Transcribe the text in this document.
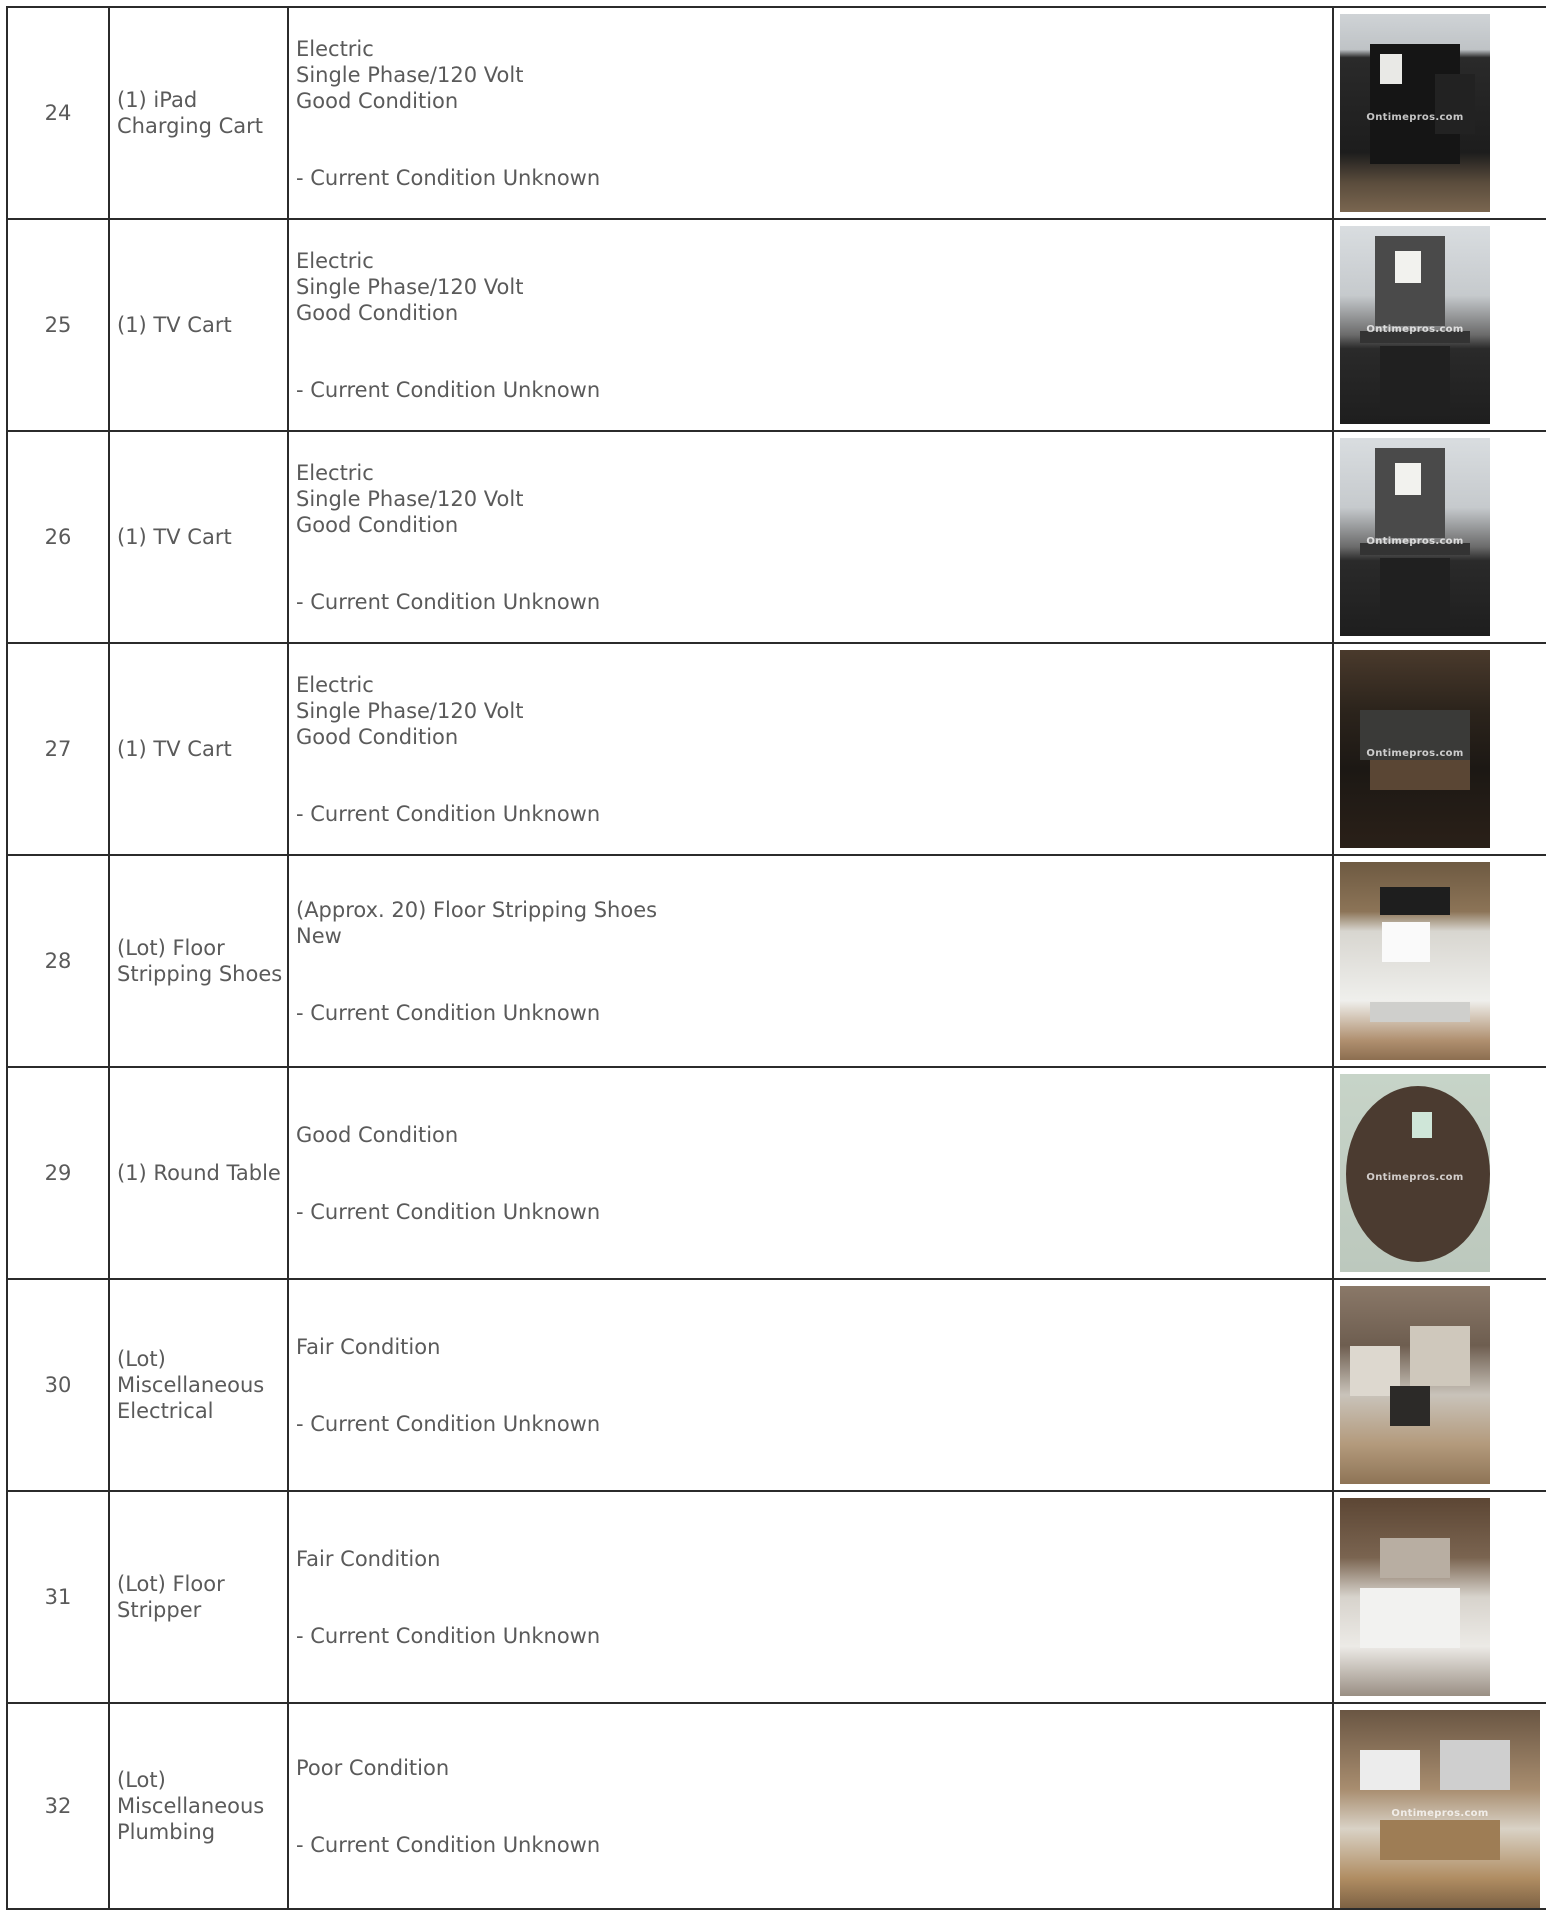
24	(1) iPad Charging Cart	Electric
Single Phase/120 Volt
Good Condition
- Current Condition Unknown	Ontimepros.com

25	(1) TV Cart	Electric
Single Phase/120 Volt
Good Condition
- Current Condition Unknown	Ontimepros.com

26	(1) TV Cart	Electric
Single Phase/120 Volt
Good Condition
- Current Condition Unknown	Ontimepros.com

27	(1) TV Cart	Electric
Single Phase/120 Volt
Good Condition
- Current Condition Unknown	Ontimepros.com

28	(Lot) Floor Stripping Shoes	(Approx. 20) Floor Stripping Shoes
New
- Current Condition Unknown	

29	(1) Round Table	Good Condition
- Current Condition Unknown	Ontimepros.com

30	(Lot) Miscellaneous Electrical	Fair Condition
- Current Condition Unknown	

31	(Lot) Floor Stripper	Fair Condition
- Current Condition Unknown	

32	(Lot) Miscellaneous Plumbing	Poor Condition
- Current Condition Unknown	Ontimepros.com
